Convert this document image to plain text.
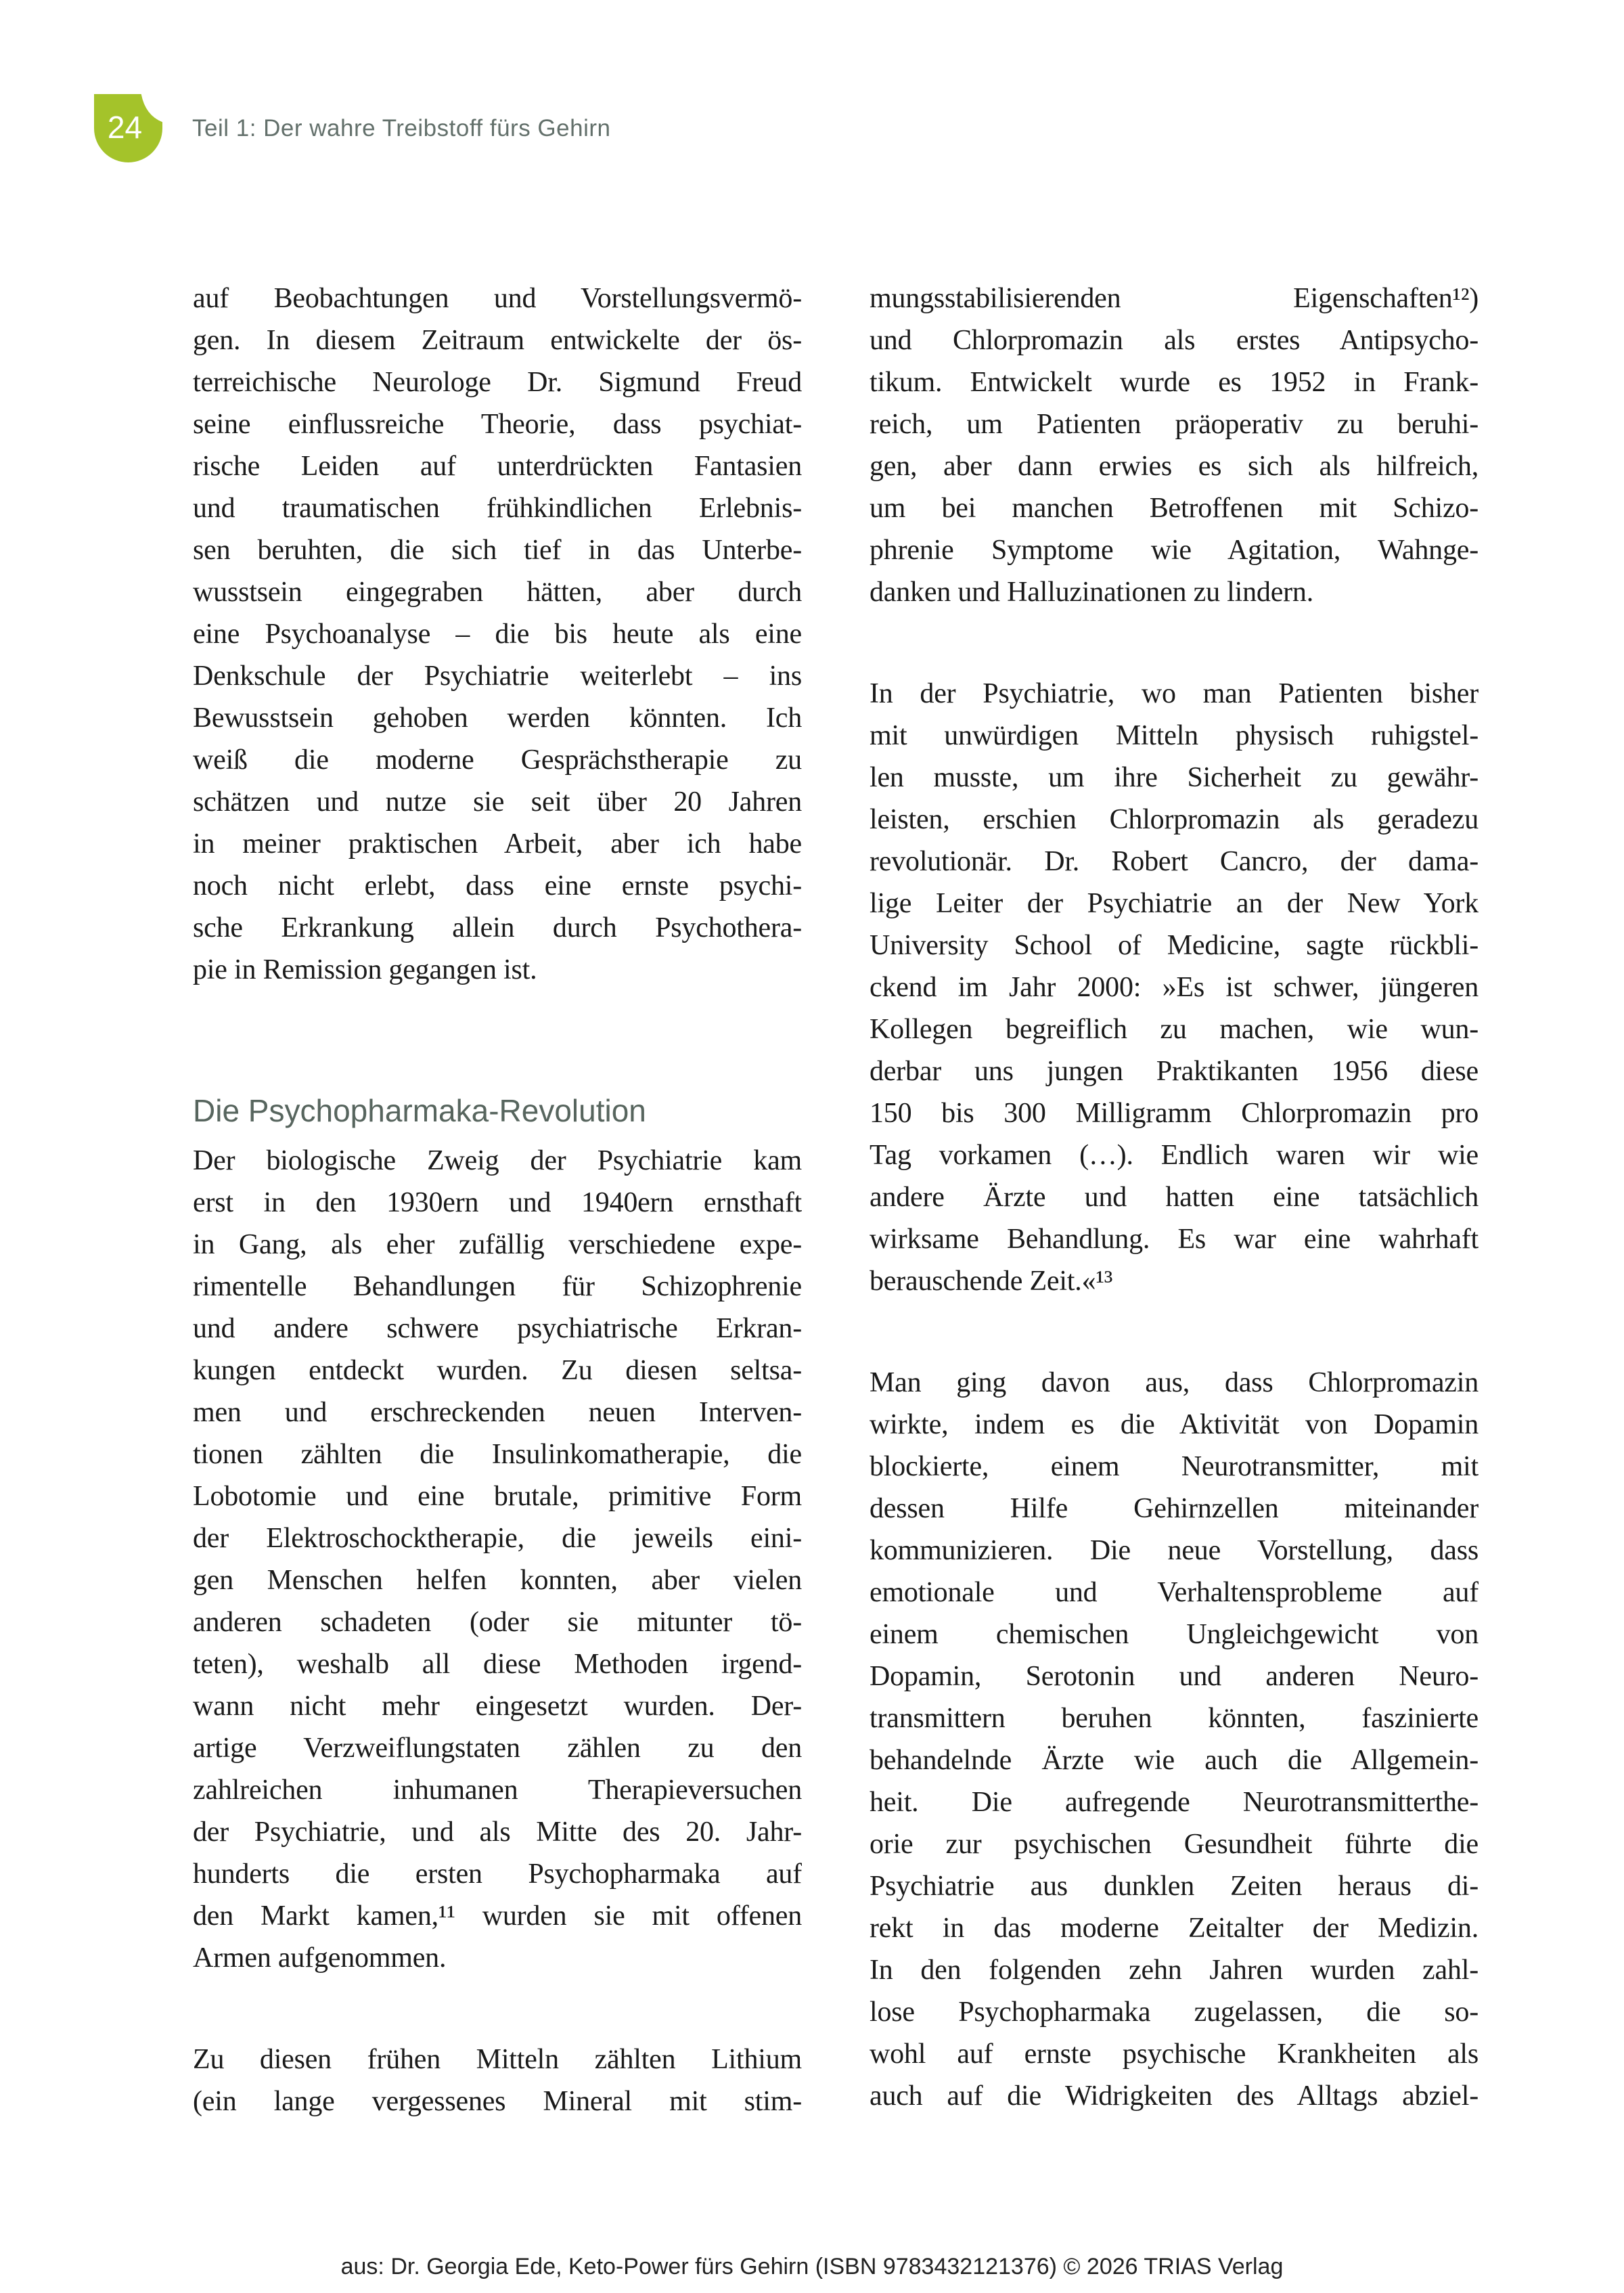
24	Teil 1: Der wahre Treibstoff fürs Gehirn
auf Beobachtungen und Vorstellungsvermö-
gen. In diesem Zeitraum entwickelte der ös-
terreichische Neurologe Dr. Sigmund Freud
seine einflussreiche Theorie, dass psychiat-
rische Leiden auf unterdrückten Fantasien
und traumatischen frühkindlichen Erlebnis-
sen beruhten, die sich tief in das Unterbe-
wusstsein eingegraben hätten, aber durch
eine Psychoanalyse – die bis heute als eine
Denkschule der Psychiatrie weiterlebt – ins
Bewusstsein gehoben werden könnten. Ich
weiß die moderne Gesprächstherapie zu
schätzen und nutze sie seit über 20 Jahren
in meiner praktischen Arbeit, aber ich habe
noch nicht erlebt, dass eine ernste psychi-
sche Erkrankung allein durch Psychothera-
pie in Remission gegangen ist.
Die Psychopharmaka-Revolution
Der biologische Zweig der Psychiatrie kam
erst in den 1930ern und 1940ern ernsthaft
in Gang, als eher zufällig verschiedene expe-
rimentelle Behandlungen für Schizophrenie
und andere schwere psychiatrische Erkran-
kungen entdeckt wurden. Zu diesen seltsa-
men und erschreckenden neuen Interven-
tionen zählten die Insulinkomatherapie, die
Lobotomie und eine brutale, primitive Form
der Elektroschocktherapie, die jeweils eini-
gen Menschen helfen konnten, aber vielen
anderen schadeten (oder sie mitunter tö-
teten), weshalb all diese Methoden irgend-
wann nicht mehr eingesetzt wurden. Der-
artige Verzweiflungstaten zählen zu den
zahlreichen inhumanen Therapieversuchen
der Psychiatrie, und als Mitte des 20. Jahr-
hunderts die ersten Psychopharmaka auf
den Markt kamen,¹¹ wurden sie mit offenen
Armen aufgenommen.
Zu diesen frühen Mitteln zählten Lithium
(ein lange vergessenes Mineral mit stim-
mungsstabilisierenden Eigenschaften¹²)
und Chlorpromazin als erstes Antipsycho-
tikum. Entwickelt wurde es 1952 in Frank-
reich, um Patienten präoperativ zu beruhi-
gen, aber dann erwies es sich als hilfreich,
um bei manchen Betroffenen mit Schizo-
phrenie Symptome wie Agitation, Wahnge-
danken und Halluzinationen zu lindern.
In der Psychiatrie, wo man Patienten bisher
mit unwürdigen Mitteln physisch ruhigstel-
len musste, um ihre Sicherheit zu gewähr-
leisten, erschien Chlorpromazin als geradezu
revolutionär. Dr. Robert Cancro, der dama-
lige Leiter der Psychiatrie an der New York
University School of Medicine, sagte rückbli-
ckend im Jahr 2000: »Es ist schwer, jüngeren
Kollegen begreiflich zu machen, wie wun-
derbar uns jungen Praktikanten 1956 diese
150 bis 300 Milligramm Chlorpromazin pro
Tag vorkamen (…). Endlich waren wir wie
andere Ärzte und hatten eine tatsächlich
wirksame Behandlung. Es war eine wahrhaft
berauschende Zeit.«¹³
Man ging davon aus, dass Chlorpromazin
wirkte, indem es die Aktivität von Dopamin
blockierte, einem Neurotransmitter, mit
dessen Hilfe Gehirnzellen miteinander
kommunizieren. Die neue Vorstellung, dass
emotionale und Verhaltensprobleme auf
einem chemischen Ungleichgewicht von
Dopamin, Serotonin und anderen Neuro-
transmittern beruhen könnten, faszinierte
behandelnde Ärzte wie auch die Allgemein-
heit. Die aufregende Neurotransmitterthe-
orie zur psychischen Gesundheit führte die
Psychiatrie aus dunklen Zeiten heraus di-
rekt in das moderne Zeitalter der Medizin.
In den folgenden zehn Jahren wurden zahl-
lose Psychopharmaka zugelassen, die so-
wohl auf ernste psychische Krankheiten als
auch auf die Widrigkeiten des Alltags abziel-
aus: Dr. Georgia Ede, Keto-Power fürs Gehirn (ISBN 9783432121376) © 2026 TRIAS Verlag
